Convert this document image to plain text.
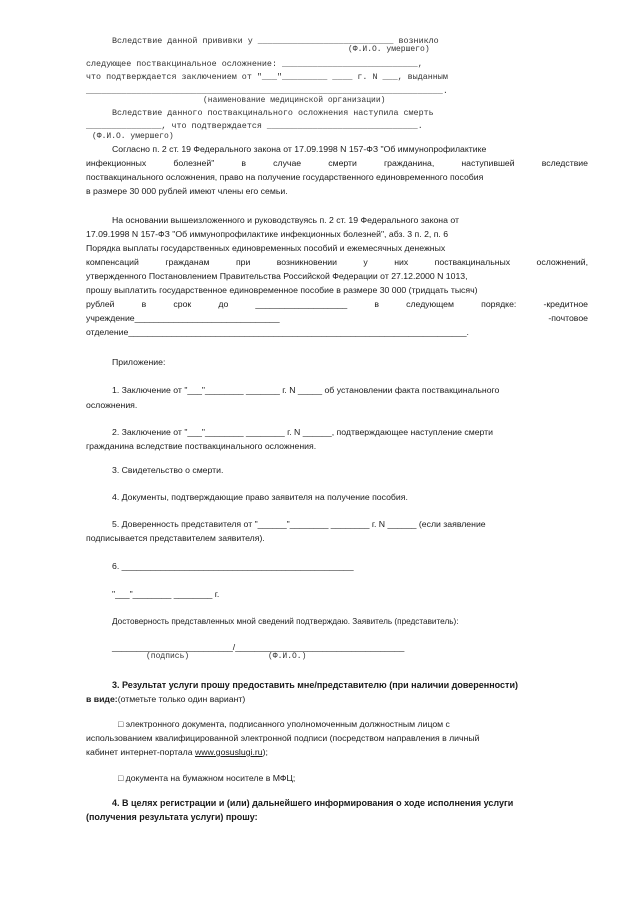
Вследствие данной прививки у ___________________________ возникло
(Ф.И.О. умершего)
следующее поствакцинальное осложнение: ___________________________,
что подтверждается заключением от "___"_________ ____ г. N ___, выданным
_______________________________________________________________________.
(наименование медицинской организации)
Вследствие данного поствакцинального осложнения наступила смерть
_______________, что подтверждается ______________________________.
(Ф.И.О. умершего)
Согласно п. 2 ст. 19 Федерального закона от 17.09.1998 N 157-ФЗ "Об иммунопрофилактике
инфекционных болезней" в случае смерти гражданина, наступившей вследствие
поствакцинального осложнения, право на получение государственного единовременного пособия
в размере 30 000 рублей имеют члены его семьи.
На основании вышеизложенного и руководствуясь п. 2 ст. 19 Федерального закона от
17.09.1998 N 157-ФЗ "Об иммунопрофилактике инфекционных болезней", абз. 3 п. 2, п. 6
Порядка выплаты государственных единовременных пособий и ежемесячных денежных
компенсаций гражданам при возникновении у них поствакцинальных осложнений,
утвержденного Постановлением Правительства Российской Федерации от 27.12.2000 N 1013,
прошу выплатить государственное единовременное пособие в размере 30 000 (тридцать тысяч)
рублей в срок до ___________________ в следующем порядке: -кредитное
учреждение______________________________ -почтовое
отделение______________________________________________________________________.
Приложение:
1. Заключение от "___"________ _______ г. N _____ об установлении факта поствакцинального
осложнения.
2. Заключение от "___"________ ________ г. N ______, подтверждающее наступление смерти
гражданина вследствие поствакцинального осложнения.
3. Свидетельство о смерти.
4. Документы, подтверждающие право заявителя на получение пособия.
5. Доверенность представителя от "______"________ ________ г. N ______ (если заявление
подписывается представителем заявителя).
6. ________________________________________________
"___"________ ________ г.
Достоверность представленных мной сведений подтверждаю. Заявитель (представитель):
_________________________/___________________________________
(подпись)	(Ф.И.О.)
3. Результат услуги прошу предоставить мне/представителю (при наличии доверенности)
в виде:(отметьте только один вариант)
□ электронного документа, подписанного уполномоченным должностным лицом с
использованием квалифицированной электронной подписи (посредством направления в личный
кабинет интернет-портала www.gosuslugi.ru);
□ документа на бумажном носителе в МФЦ;
4. В целях регистрации и (или) дальнейшего информирования о ходе исполнения услуги
(получения результата услуги) прошу:
